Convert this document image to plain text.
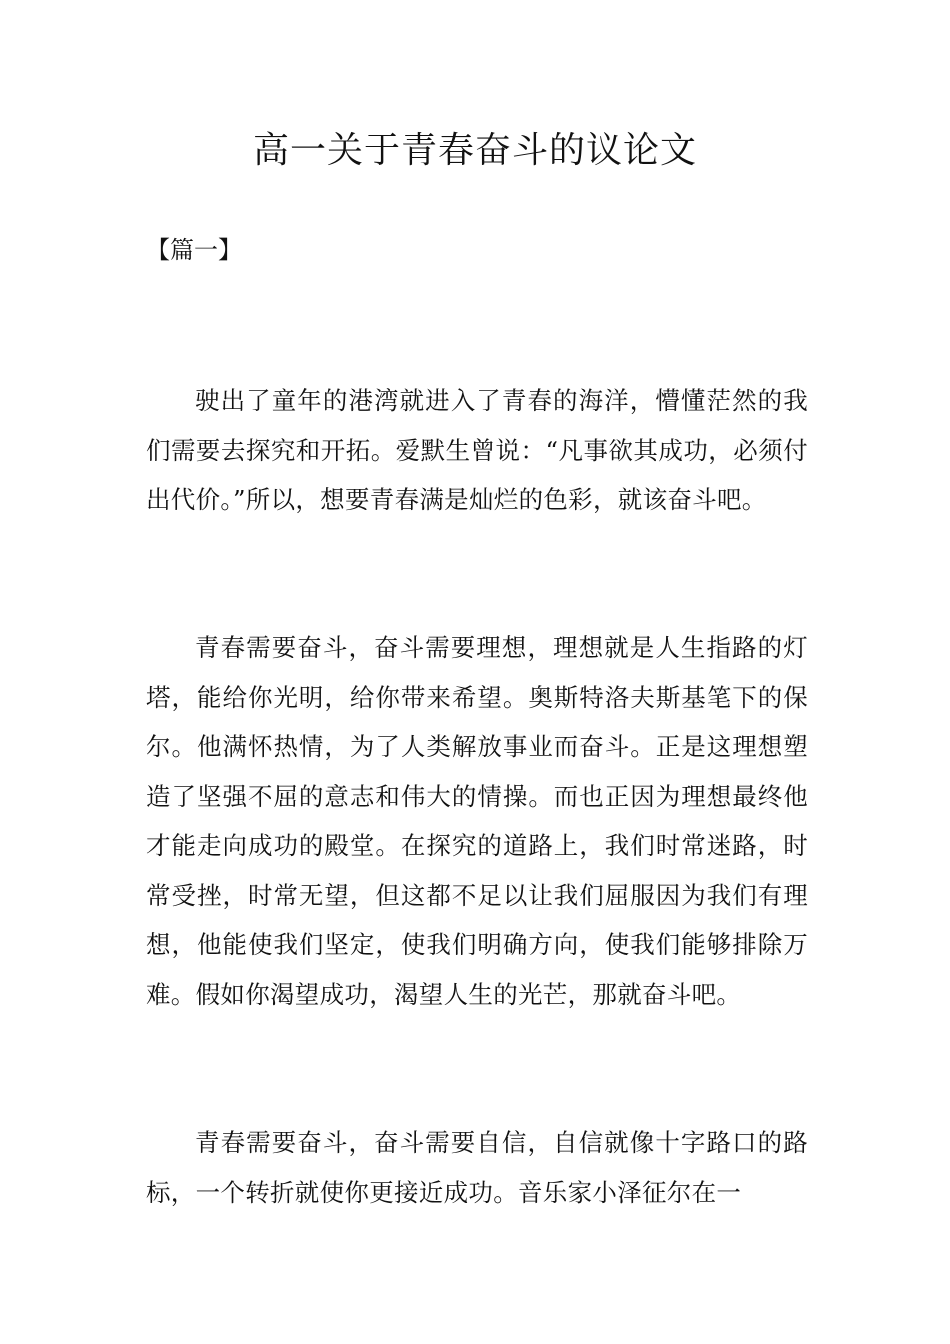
高一关于青春奋斗的议论文

【篇一】

驶出了童年的港湾就进入了青春的海洋，懵懂茫然的我们需要去探究和开拓。爱默生曾说：“凡事欲其成功，必须付出代价。”所以，想要青春满是灿烂的色彩，就该奋斗吧。

青春需要奋斗，奋斗需要理想，理想就是人生指路的灯塔，能给你光明，给你带来希望。奥斯特洛夫斯基笔下的保尔。他满怀热情，为了人类解放事业而奋斗。正是这理想塑造了坚强不屈的意志和伟大的情操。而也正因为理想最终他才能走向成功的殿堂。在探究的道路上，我们时常迷路，时常受挫，时常无望，但这都不足以让我们屈服因为我们有理想，他能使我们坚定，使我们明确方向，使我们能够排除万难。假如你渴望成功，渴望人生的光芒，那就奋斗吧。

青春需要奋斗，奋斗需要自信，自信就像十字路口的路标，一个转折就使你更接近成功。音乐家小泽征尔在一
